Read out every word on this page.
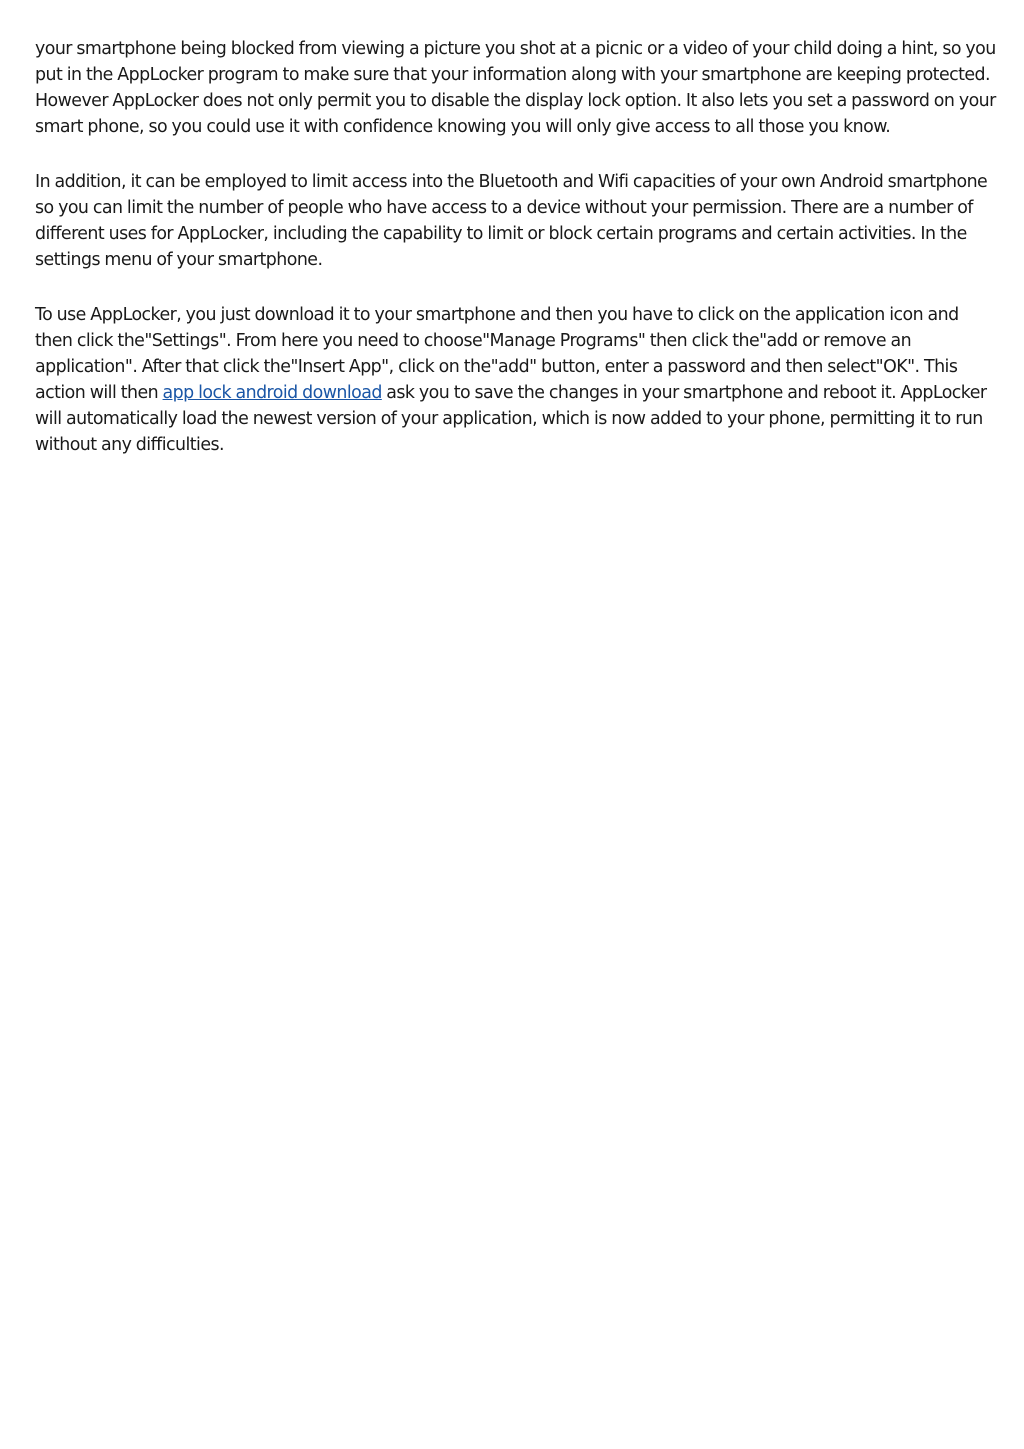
your smartphone being blocked from viewing a picture you shot at a picnic or a video of your child doing a hint, so you put in the AppLocker program to make sure that your information along with your smartphone are keeping protected. However AppLocker does not only permit you to disable the display lock option. It also lets you set a password on your smart phone, so you could use it with confidence knowing you will only give access to all those you know.

In addition, it can be employed to limit access into the Bluetooth and Wifi capacities of your own Android smartphone so you can limit the number of people who have access to a device without your permission. There are a number of different uses for AppLocker, including the capability to limit or block certain programs and certain activities. In the settings menu of your smartphone.

To use AppLocker, you just download it to your smartphone and then you have to click on the application icon and then click the"Settings". From here you need to choose"Manage Programs" then click the"add or remove an application". After that click the"Insert App", click on the"add" button, enter a password and then select"OK". This action will then app lock android download ask you to save the changes in your smartphone and reboot it. AppLocker will automatically load the newest version of your application, which is now added to your phone, permitting it to run without any difficulties.
